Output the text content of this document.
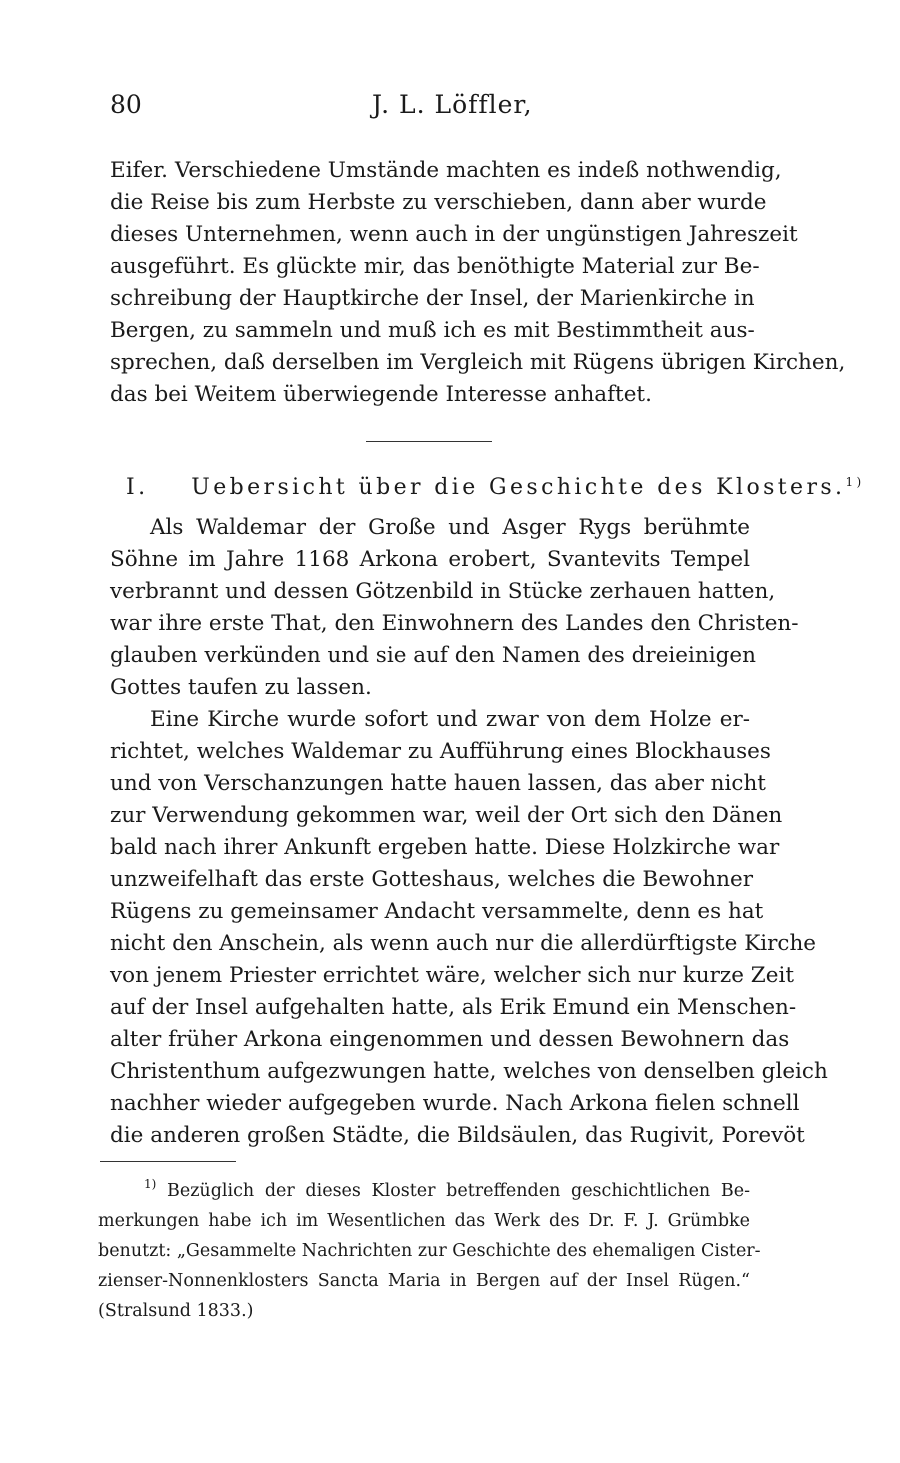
80	J. L. Löffler,
Eifer. Verschiedene Umstände machten es indeß nothwendig,
die Reise bis zum Herbste zu verschieben, dann aber wurde
dieses Unternehmen, wenn auch in der ungünstigen Jahreszeit
ausgeführt. Es glückte mir, das benöthigte Material zur Be-
schreibung der Hauptkirche der Insel, der Marienkirche in
Bergen, zu sammeln und muß ich es mit Bestimmtheit aus-
sprechen, daß derselben im Vergleich mit Rügens übrigen Kirchen,
das bei Weitem überwiegende Interesse anhaftet.
I. Uebersicht über die Geschichte des Klosters.$^{1)}$
Als Waldemar der Große und Asger Rygs berühmte
Söhne im Jahre 1168 Arkona erobert, Svantevits Tempel
verbrannt und dessen Götzenbild in Stücke zerhauen hatten,
war ihre erste That, den Einwohnern des Landes den Christen-
glauben verkünden und sie auf den Namen des dreieinigen
Gottes taufen zu lassen.
Eine Kirche wurde sofort und zwar von dem Holze er-
richtet, welches Waldemar zu Aufführung eines Blockhauses
und von Verschanzungen hatte hauen lassen, das aber nicht
zur Verwendung gekommen war, weil der Ort sich den Dänen
bald nach ihrer Ankunft ergeben hatte. Diese Holzkirche war
unzweifelhaft das erste Gotteshaus, welches die Bewohner
Rügens zu gemeinsamer Andacht versammelte, denn es hat
nicht den Anschein, als wenn auch nur die allerdürftigste Kirche
von jenem Priester errichtet wäre, welcher sich nur kurze Zeit
auf der Insel aufgehalten hatte, als Erik Emund ein Menschen-
alter früher Arkona eingenommen und dessen Bewohnern das
Christenthum aufgezwungen hatte, welches von denselben gleich
nachher wieder aufgegeben wurde. Nach Arkona fielen schnell
die anderen großen Städte, die Bildsäulen, das Rugivit, Porevöt
$^{1)}$ Bezüglich der dieses Kloster betreffenden geschichtlichen Be-
merkungen habe ich im Wesentlichen das Werk des Dr. F. J. Grümbke
benutzt: „Gesammelte Nachrichten zur Geschichte des ehemaligen Cister-
zienser-Nonnenklosters Sancta Maria in Bergen auf der Insel Rügen.“
(Stralsund 1833.)
